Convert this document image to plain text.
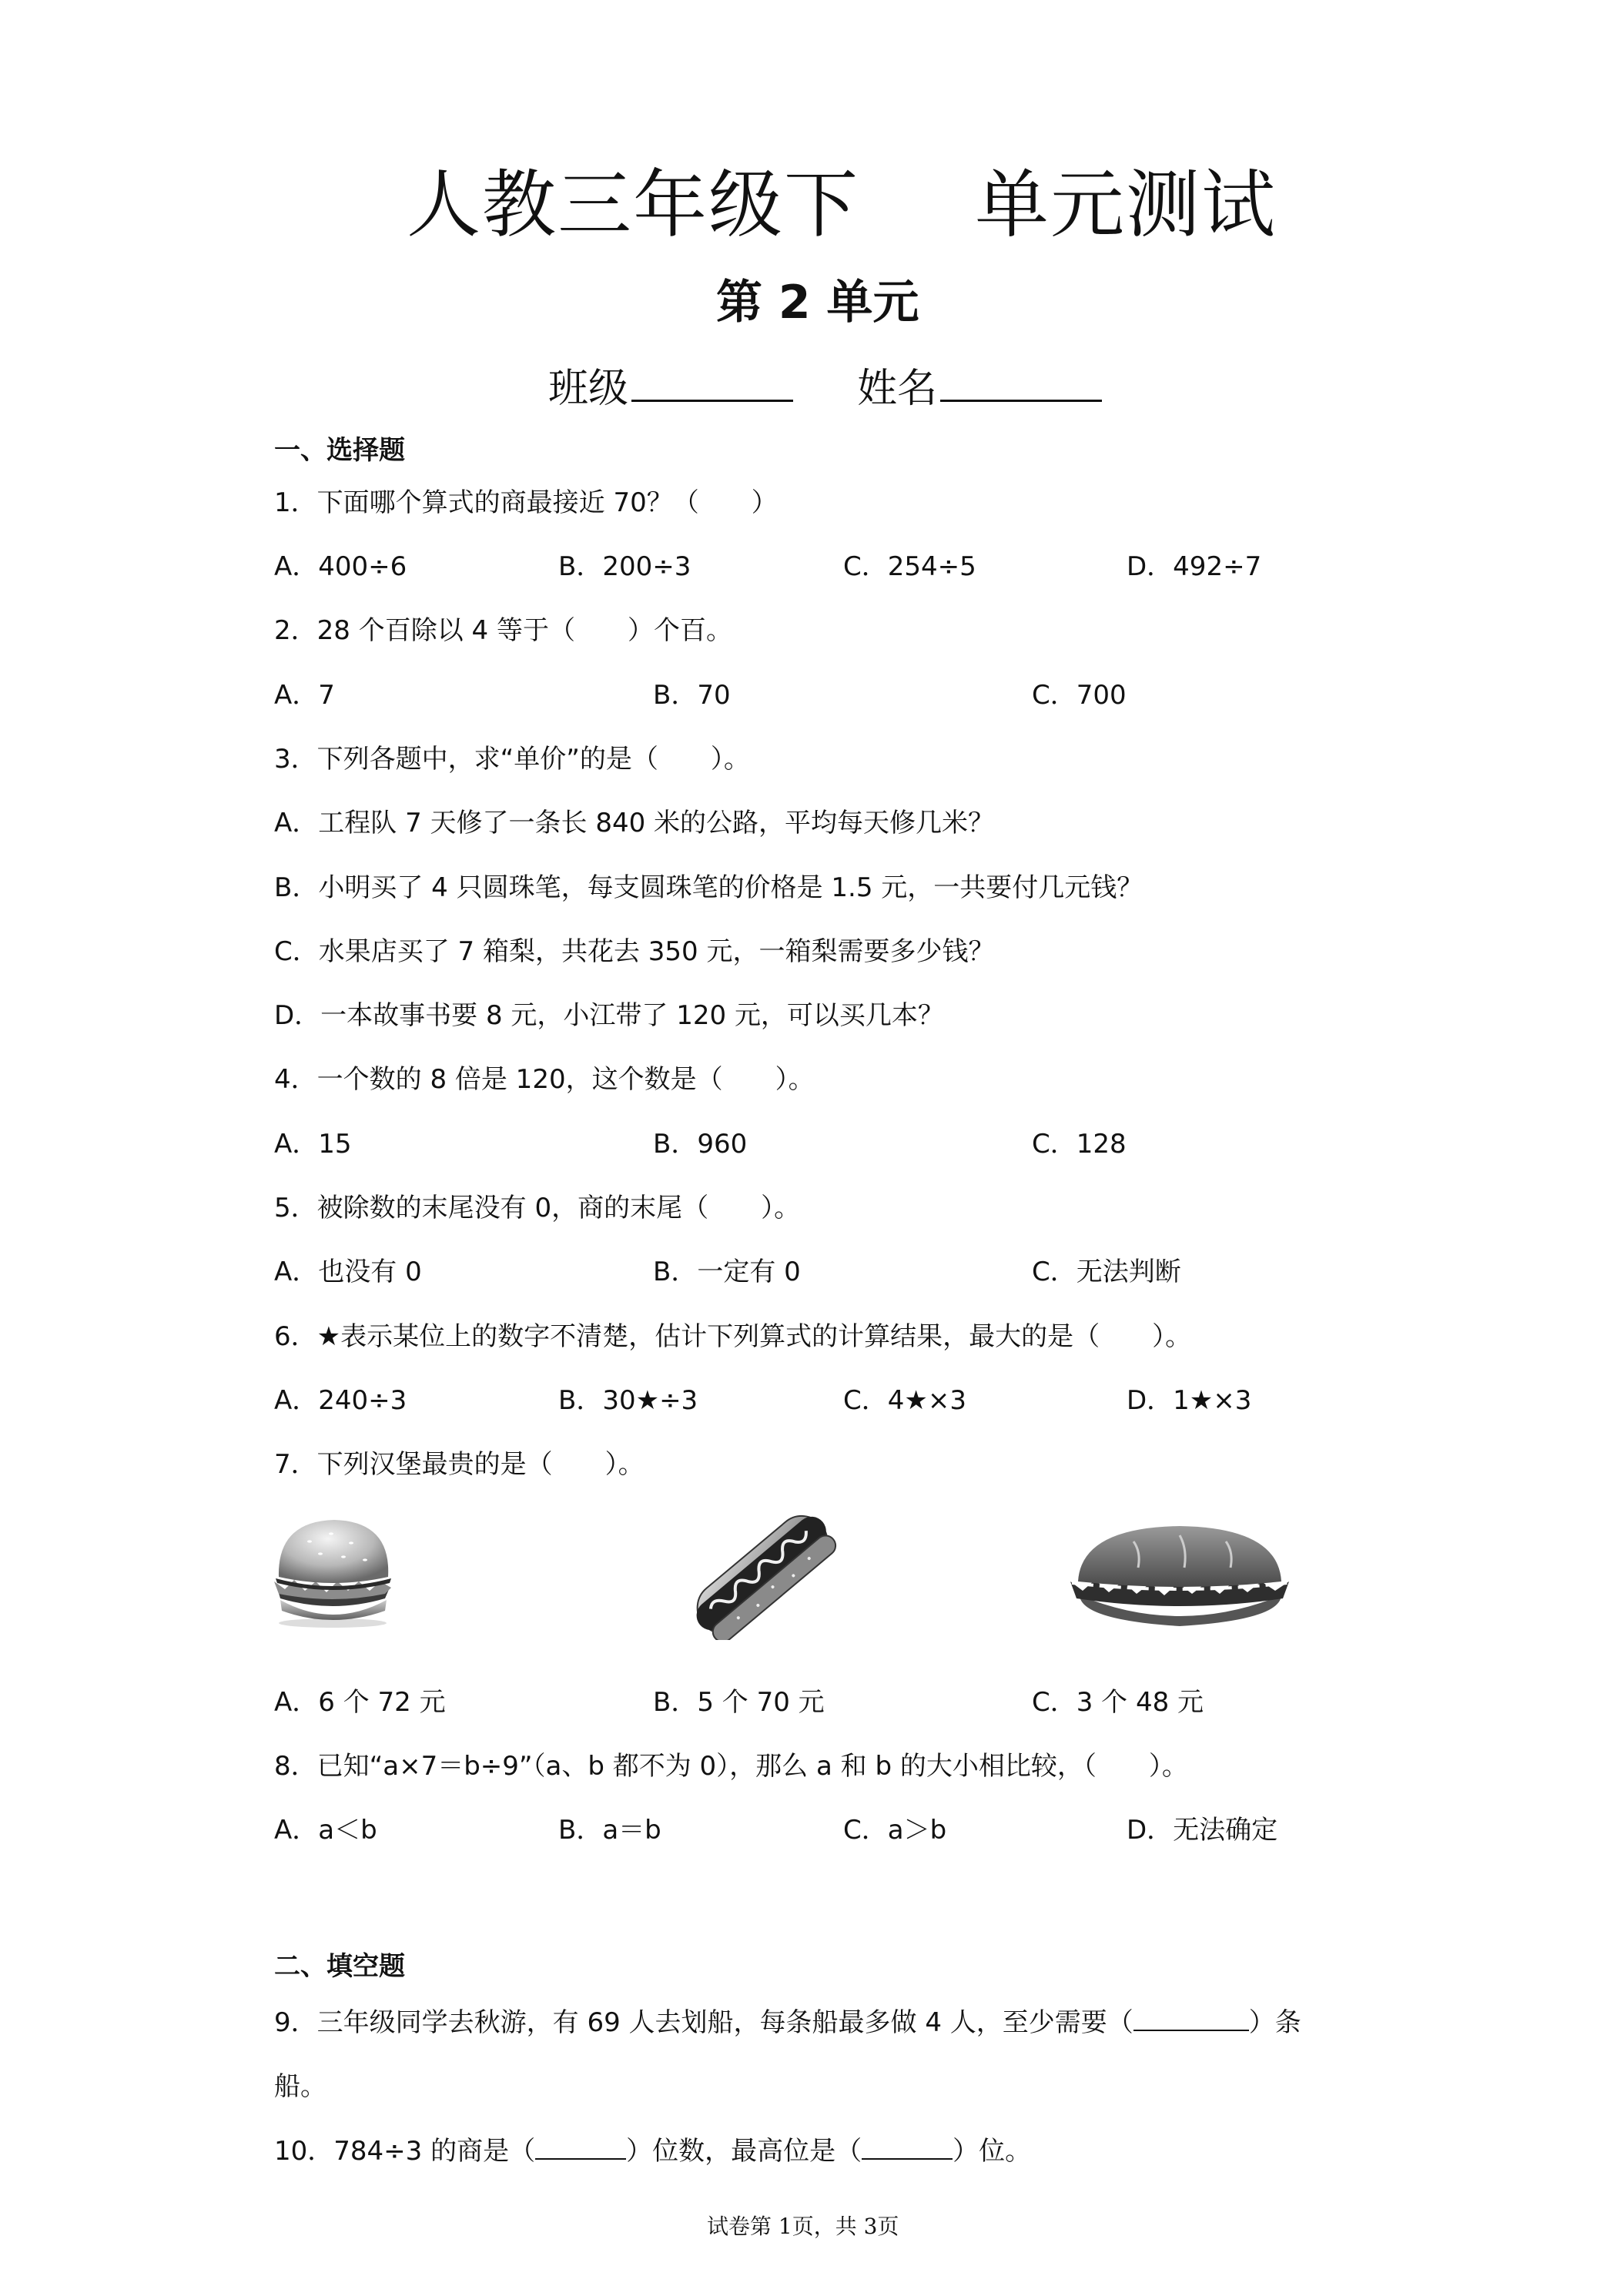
人教三年级下 单元测试
第 2 单元
班级	姓名
一、选择题
1．下面哪个算式的商最接近 70？（　　）
A．400÷6	B．200÷3	C．254÷5	D．492÷7
2．28 个百除以 4 等于（　　）个百。
A．7	B．70	C．700
3．下列各题中，求“单价”的是（　　）。
A．工程队 7 天修了一条长 840 米的公路，平均每天修几米？
B．小明买了 4 只圆珠笔，每支圆珠笔的价格是 1.5 元，一共要付几元钱？
C．水果店买了 7 箱梨，共花去 350 元，一箱梨需要多少钱？
D．一本故事书要 8 元，小江带了 120 元，可以买几本？
4．一个数的 8 倍是 120，这个数是（　　）。
A．15	B．960	C．128
5．被除数的末尾没有 0，商的末尾（　　）。
A．也没有 0	B．一定有 0	C．无法判断
6．★表示某位上的数字不清楚，估计下列算式的计算结果，最大的是（　　）。
A．240÷3	B．30★÷3	C．4★×3	D．1★×3
7．下列汉堡最贵的是（　　）。
A．6 个 72 元	B．5 个 70 元	C．3 个 48 元
8．已知“a×7＝b÷9”（a、b 都不为 0），那么 a 和 b 的大小相比较，（　　）。
A．a＜b	B．a＝b	C．a＞b	D．无法确定
二、填空题
9．三年级同学去秋游，有 69 人去划船，每条船最多做 4 人，至少需要（	）条
船。
10．784÷3 的商是（	）位数，最高位是（	）位。
试卷第 1页，共 3页
